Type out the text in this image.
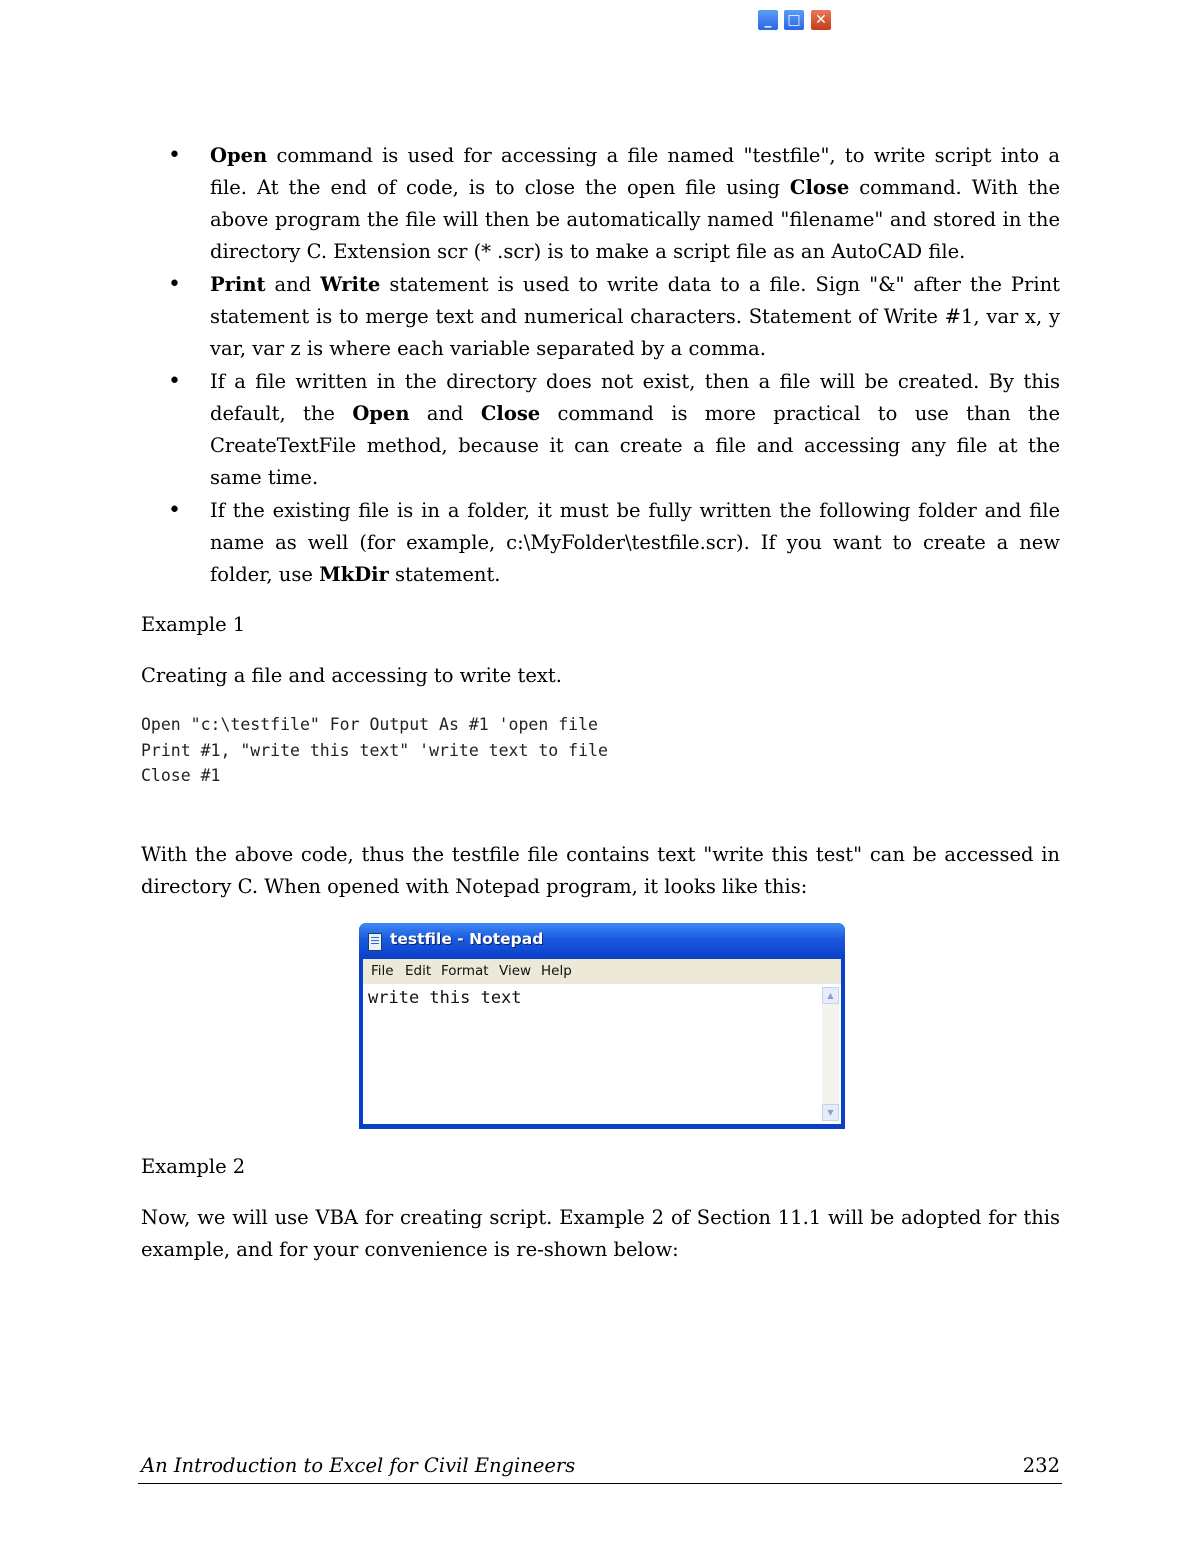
• Open command is used for accessing a file named "testfile", to write script into a file. At the end of code, is to close the open file using Close command. With the above program the file will then be automatically named "filename" and stored in the directory C. Extension scr (* .scr) is to make a script file as an AutoCAD file.
• Print and Write statement is used to write data to a file. Sign "&" after the Print statement is to merge text and numerical characters. Statement of Write #1, var x, y var, var z is where each variable separated by a comma.
• If a file written in the directory does not exist, then a file will be created. By this default, the Open and Close command is more practical to use than the CreateTextFile method, because it can create a file and accessing any file at the same time.
• If the existing file is in a folder, it must be fully written the following folder and file name as well (for example, c:\MyFolder\testfile.scr). If you want to create a new folder, use MkDir statement.

Example 1

Creating a file and accessing to write text.

Open "c:\testfile" For Output As #1 'open file
Print #1, "write this text" 'write text to file
Close #1

With the above code, thus the testfile file contains text "write this test" can be accessed in directory C. When opened with Notepad program, it looks like this:

testfile - Notepad
_	□	✕
File Edit Format View Help
write this text	▲
▼

Example 2

Now, we will use VBA for creating script. Example 2 of Section 11.1 will be adopted for this example, and for your convenience is re-shown below:

An Introduction to Excel for Civil Engineers	232
